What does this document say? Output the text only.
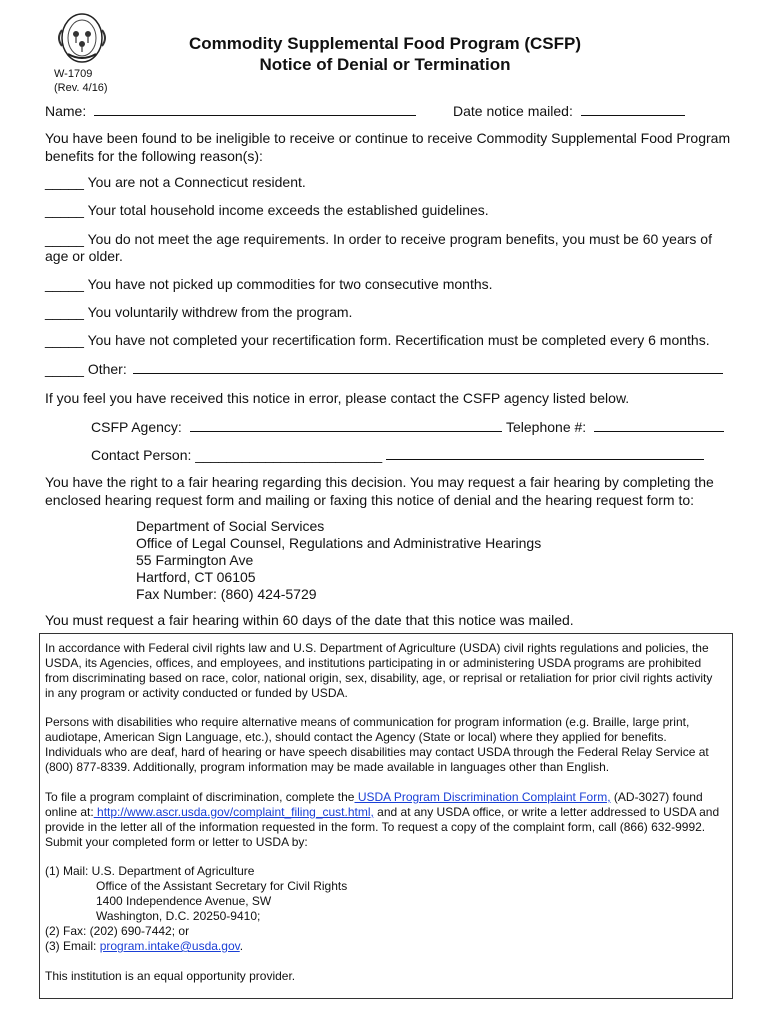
W-1709
(Rev. 4/16)
Commodity Supplemental Food Program (CSFP)
Notice of Denial or Termination
Name:	Date notice mailed:
You have been found to be ineligible to receive or continue to receive Commodity Supplemental Food Program benefits for the following reason(s):
_____ You are not a Connecticut resident.
_____ Your total household income exceeds the established guidelines.
_____ You do not meet the age requirements. In order to receive program benefits, you must be 60 years of age or older.
_____ You have not picked up commodities for two consecutive months.
_____ You voluntarily withdrew from the program.
_____ You have not completed your recertification form. Recertification must be completed every 6 months.
_____ Other:
If you feel you have received this notice in error, please contact the CSFP agency listed below.
CSFP Agency:	Telephone #:
Contact Person: ________________________
You have the right to a fair hearing regarding this decision. You may request a fair hearing by completing the enclosed hearing request form and mailing or faxing this notice of denial and the hearing request form to:
Department of Social Services
Office of Legal Counsel, Regulations and Administrative Hearings
55 Farmington Ave
Hartford, CT 06105
Fax Number: (860) 424-5729
You must request a fair hearing within 60 days of the date that this notice was mailed.
In accordance with Federal civil rights law and U.S. Department of Agriculture (USDA) civil rights regulations and policies, the USDA, its Agencies, offices, and employees, and institutions participating in or administering USDA programs are prohibited from discriminating based on race, color, national origin, sex, disability, age, or reprisal or retaliation for prior civil rights activity in any program or activity conducted or funded by USDA.
Persons with disabilities who require alternative means of communication for program information (e.g. Braille, large print, audiotape, American Sign Language, etc.), should contact the Agency (State or local) where they applied for benefits. Individuals who are deaf, hard of hearing or have speech disabilities may contact USDA through the Federal Relay Service at (800) 877-8339. Additionally, program information may be made available in languages other than English.
To file a program complaint of discrimination, complete the USDA Program Discrimination Complaint Form, (AD-3027) found online at: http://www.ascr.usda.gov/complaint_filing_cust.html, and at any USDA office, or write a letter addressed to USDA and provide in the letter all of the information requested in the form. To request a copy of the complaint form, call (866) 632-9992. Submit your completed form or letter to USDA by:
(1) Mail: U.S. Department of Agriculture
Office of the Assistant Secretary for Civil Rights
1400 Independence Avenue, SW
Washington, D.C. 20250-9410;
(2) Fax: (202) 690-7442; or
(3) Email: program.intake@usda.gov.
This institution is an equal opportunity provider.
